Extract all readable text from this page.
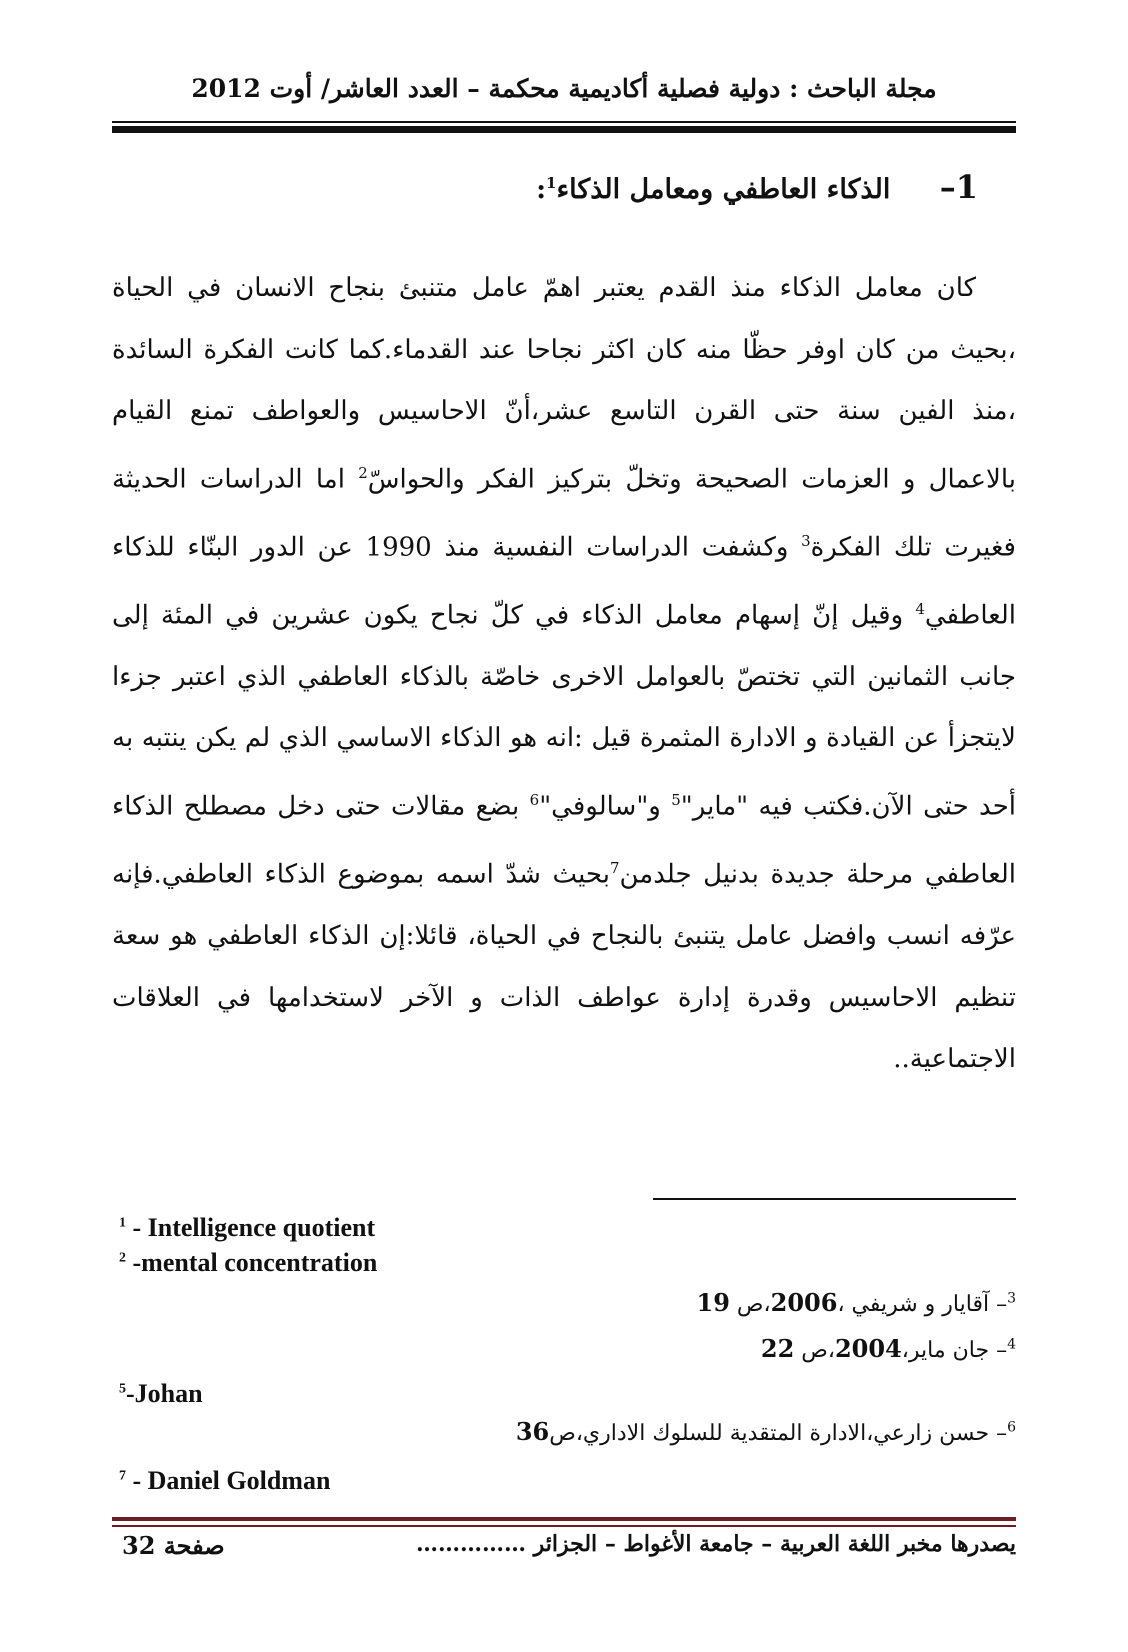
مجلة الباحث : دولية فصلية أكاديمية محكمة – العدد العاشر/ أوت 2012
1– الذكاء العاطفي ومعامل الذكاء$^1$:

كان معامل الذكاء منذ القدم يعتبر اهمّ عامل متنبئ بنجاح الانسان في الحياة ،بحيث من كان اوفر حظّا منه كان اكثر نجاحا عند القدماء.كما كانت الفكرة السائدة ،منذ الفين سنة حتى القرن التاسع عشر،أنّ الاحاسيس والعواطف تمنع القيام بالاعمال و العزمات الصحيحة وتخلّ بتركيز الفكر والحواسّ$^2$ اما الدراسات الحديثة فغيرت تلك الفكرة$^3$ وكشفت الدراسات النفسية منذ 1990 عن الدور البنّاء للذكاء العاطفي$^4$ وقيل إنّ إسهام معامل الذكاء في كلّ نجاح يكون عشرين في المئة إلى جانب الثمانين التي تختصّ بالعوامل الاخرى خاصّة بالذكاء العاطفي الذي اعتبر جزءا لايتجزأ عن القيادة و الادارة المثمرة قيل :انه هو الذكاء الاساسي الذي لم يكن ينتبه به أحد حتى الآن.فكتب فيه "ماير"$^5$ و"سالوفي"$^6$ بضع مقالات حتى دخل مصطلح الذكاء العاطفي مرحلة جديدة بدنيل جلدمن$^7$بحيث شدّ اسمه بموضوع الذكاء العاطفي.فإنه عرّفه انسب وافضل عامل يتنبئ بالنجاح في الحياة، قائلا:إن الذكاء العاطفي هو سعة تنظيم الاحاسيس وقدرة إدارة عواطف الذات و الآخر لاستخدامها في العلاقات الاجتماعية..

$^1$ - Intelligence quotient
$^2$ -mental concentration
$^3$– آقايار و شريفي ،2006،ص 19
$^4$– جان ماير،2004،ص 22
$^5$-Johan
$^6$– حسن زارعي،الادارة المتقدية للسلوك الاداري،ص36
$^7$ - Daniel Goldman
صفحة 32	يصدرها مخبر اللغة العربية – جامعة الأغواط – الجزائر ……………
